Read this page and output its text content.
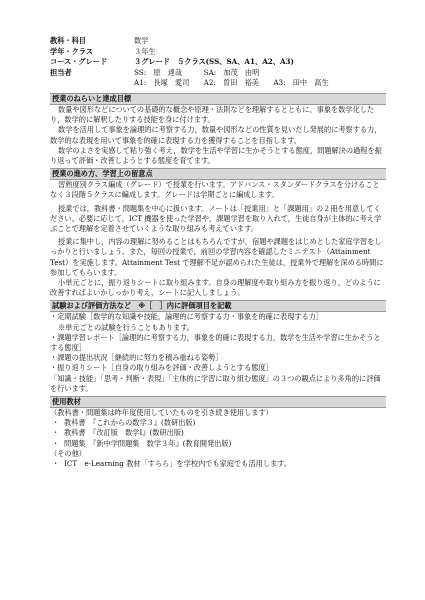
教科・科目	数学
学年・クラス	３年生
コース・グレード	３グレード　５クラス(SS、SA、A1、A2、A3)
担当者	SS:　原　達哉　　　SA:　加茂　由明
A1:　長塚　愛司　　A2:　曽田　裕美　　A3:　田中　高生
授業のねらいと達成目標

数量や図形などについての基礎的な概念や原理・法則などを理解するとともに、事象を数学化したり，数学的に解釈したりする技能を身に付けます。

数学を活用して事象を論理的に考察する力，数量や図形などの性質を見いだし発展的に考察する力，数学的な表現を用いて事象を的確に表現する力を獲得することを目指します。

数学のよさを実感して粘り強く考え，数学を生活や学習に生かそうとする態度，問題解決の過程を振り返って評価・改善しようとする態度を育てます。

授業の進め方、学習上の留意点

習熟度別クラス編成（グレード）で授業を行います。アドバンス・スタンダードクラスを分けることなく３段階５クラスに編成します。グレードは学期ごとに編成します。

授業では，教科書・問題集を中心に扱います。ノートは「授業用」と「課題用」の２冊を用意してください。必要に応じて，ICT 機器を使った学習や，課題学習を取り入れて，生徒自身が主体的に考え学ぶことで理解を定着させていくような取り組みも考えています。

授業に集中し，内容の理解に努めることはもちろんですが，宿題や課題をはじめとした家庭学習をしっかりと行いましょう。また，毎回の授業で，前回の学習内容を確認したミニテスト（Attainment Test）を実施します。Attainment Test で理解不足が認められた生徒は，授業外で理解を深める時間に参加してもらいます。

小単元ごとに，振り返りシートに取り組みます。自身の理解度や取り組み方を振り返り，どのように改善すればよいかしっかり考え，シートに記入しましょう。

試験および評価方法など　※［　］内に評価項目を記載

・定期試験［数学的な知識や技能，論理的に考察する力・事象を的確に表現する力］

※単元ごとの試験を行うこともあります。

・課題学習レポート［論理的に考察する力，事象を的確に表現する力，数学を生活や学習に生かそうとする態度］

・課題の提出状況［継続的に努力を積み重ねる姿勢］

・振り返りシート［自身の取り組みを評価・改善しようとする態度］

「知識・技能」「思考・判断・表現」「主体的に学習に取り組む態度」の３つの観点により多角的に評価を行います。

使用教材

（教科書・問題集は昨年度使用していたものを引き続き使用します）

・ 教科書　『これからの数学３』(数研出版)
・ 教科書　『改訂版　数学Ⅰ』(数研出版)
・ 問題集　『新中学問題集　数学３年』(教育開発出版)

（その他）

・ ICT　e-Learning 教材「すらら」を学校内でも家庭でも活用します。
